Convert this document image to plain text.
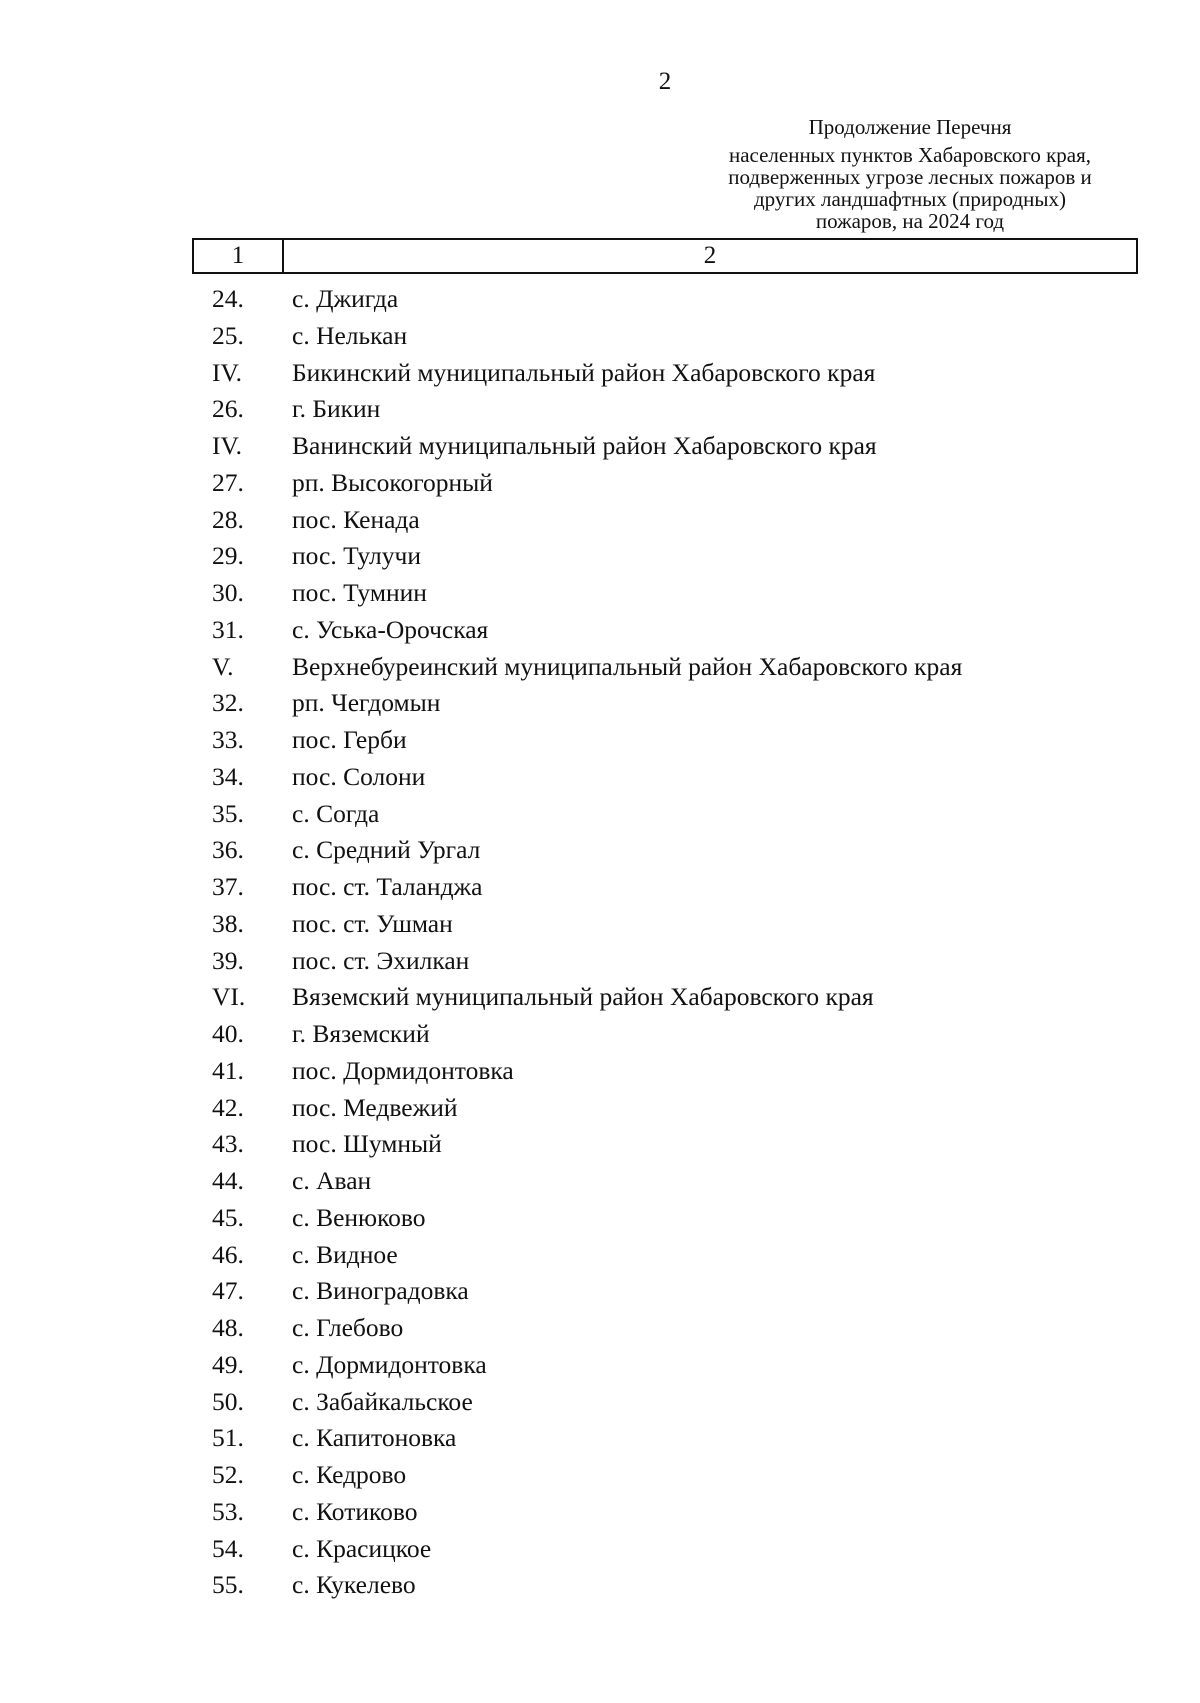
2
Продолжение Перечня
населенных пунктов Хабаровского края,
подверженных угрозе лесных пожаров и
других ландшафтных (природных)
пожаров, на 2024 год
1	2
24.	с. Джигда
25.	с. Нелькан
IV.	Бикинский муниципальный район Хабаровского края
26.	г. Бикин
IV.	Ванинский муниципальный район Хабаровского края
27.	рп. Высокогорный
28.	пос. Кенада
29.	пос. Тулучи
30.	пос. Тумнин
31.	с. Уська-Орочская
V.	Верхнебуреинский муниципальный район Хабаровского края
32.	рп. Чегдомын
33.	пос. Герби
34.	пос. Солони
35.	с. Согда
36.	с. Средний Ургал
37.	пос. ст. Таланджа
38.	пос. ст. Ушман
39.	пос. ст. Эхилкан
VI.	Вяземский муниципальный район Хабаровского края
40.	г. Вяземский
41.	пос. Дормидонтовка
42.	пос. Медвежий
43.	пос. Шумный
44.	с. Аван
45.	с. Венюково
46.	с. Видное
47.	с. Виноградовка
48.	с. Глебово
49.	с. Дормидонтовка
50.	с. Забайкальское
51.	с. Капитоновка
52.	с. Кедрово
53.	с. Котиково
54.	с. Красицкое
55.	с. Кукелево
